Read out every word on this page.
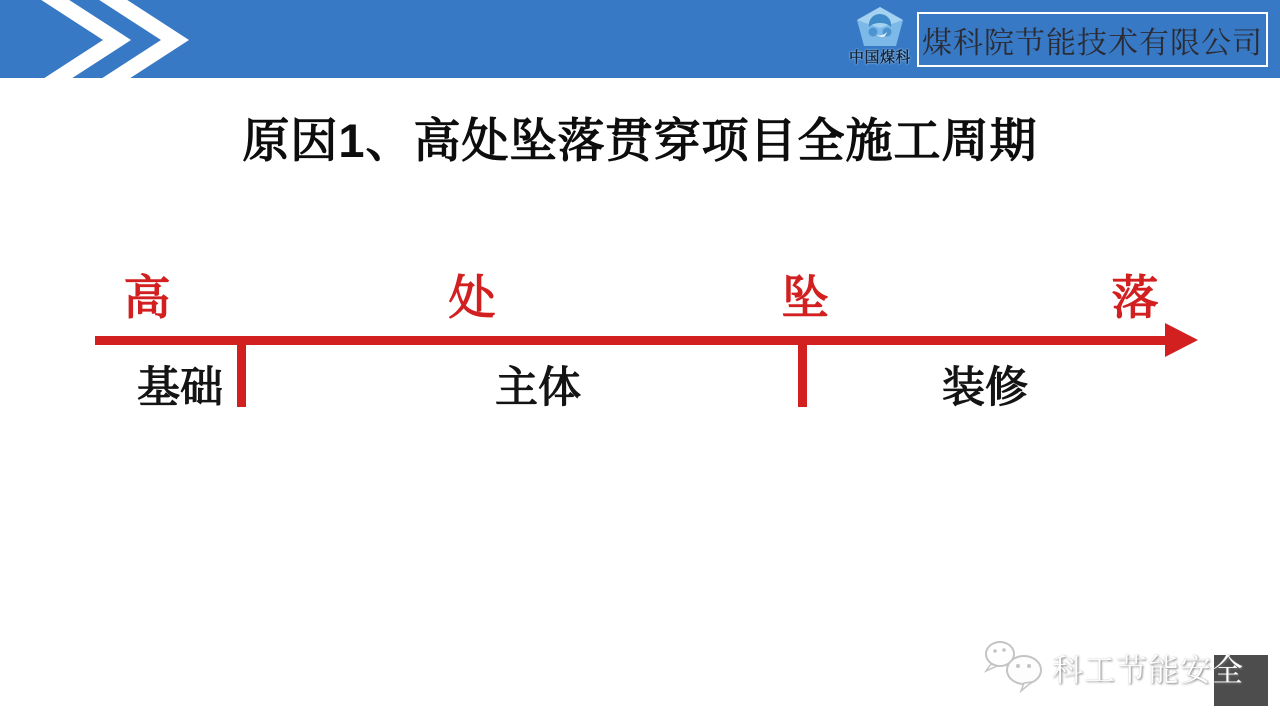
中国煤科 煤科院节能技术有限公司
原因1、高处坠落贯穿项目全施工周期
高	处	坠	落
基础	主体	装修
科工节能安全
